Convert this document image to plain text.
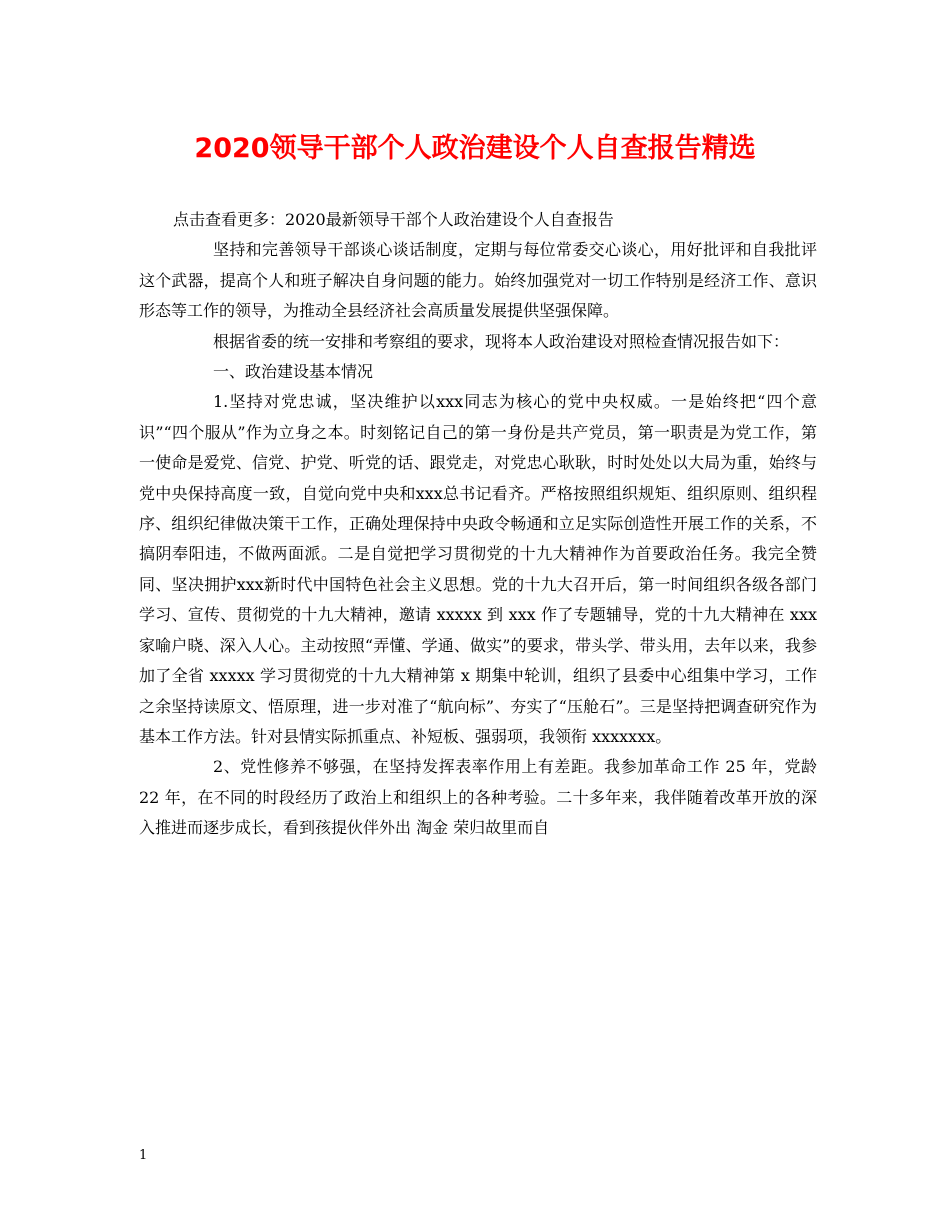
2020领导干部个人政治建设个人自查报告精选

点击查看更多：2020最新领导干部个人政治建设个人自查报告

坚持和完善领导干部谈心谈话制度，定期与每位常委交心谈心，用好批评和自我批评这个武器，提高个人和班子解决自身问题的能力。始终加强党对一切工作特别是经济工作、意识形态等工作的领导，为推动全县经济社会高质量发展提供坚强保障。

根据省委的统一安排和考察组的要求，现将本人政治建设对照检查情况报告如下：

一、政治建设基本情况

1.坚持对党忠诚，坚决维护以xxx同志为核心的党中央权威。一是始终把“四个意识”“四个服从”作为立身之本。时刻铭记自己的第一身份是共产党员，第一职责是为党工作，第一使命是爱党、信党、护党、听党的话、跟党走，对党忠心耿耿，时时处处以大局为重，始终与党中央保持高度一致，自觉向党中央和xxx总书记看齐。严格按照组织规矩、组织原则、组织程序、组织纪律做决策干工作，正确处理保持中央政令畅通和立足实际创造性开展工作的关系，不搞阴奉阳违，不做两面派。二是自觉把学习贯彻党的十九大精神作为首要政治任务。我完全赞同、坚决拥护xxx新时代中国特色社会主义思想。党的十九大召开后，第一时间组织各级各部门学习、宣传、贯彻党的十九大精神，邀请 xxxxx 到 xxx 作了专题辅导，党的十九大精神在 xxx 家喻户晓、深入人心。主动按照“弄懂、学通、做实”的要求，带头学、带头用，去年以来，我参加了全省 xxxxx 学习贯彻党的十九大精神第 x 期集中轮训，组织了县委中心组集中学习，工作之余坚持读原文、悟原理，进一步对准了“航向标”、夯实了“压舱石”。三是坚持把调查研究作为基本工作方法。针对县情实际抓重点、补短板、强弱项，我领衔 xxxxxxx。

2、党性修养不够强，在坚持发挥表率作用上有差距。我参加革命工作 25 年，党龄 22 年，在不同的时段经历了政治上和组织上的各种考验。二十多年来，我伴随着改革开放的深入推进而逐步成长，看到孩提伙伴外出 淘金 荣归故里而自

1
